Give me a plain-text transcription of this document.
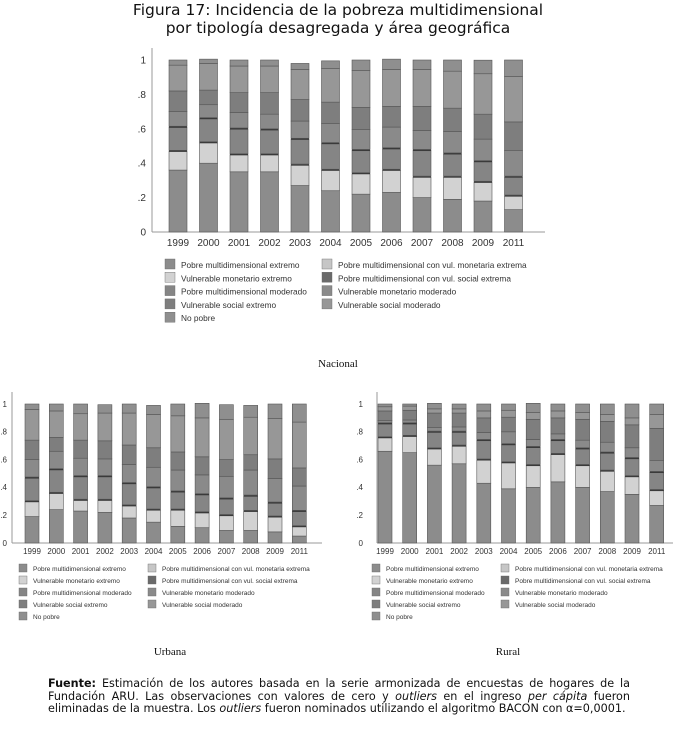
Figura 17: Incidencia de la pobreza multidimensional
por tipología desagregada y área geográfica
0
.2
.4
.6
.8
1
1999 2000 2001 2002 2003 2004 2005 2006 2007 2008 2009 2011
Pobre multidimensional extremo
Vulnerable monetario extremo
Pobre multidimensional moderado
Vulnerable social extremo
No pobre
Pobre multidimensional con vul. monetaria extrema
Pobre multidimensional con vul. social extrema
Vulnerable monetario moderado
Vulnerable social moderado
0
.2
.4
.6
.8
1
1999 2000 2001 2002 2003 2004 2005 2006 2007 2008 2009 2011
Pobre multidimensional extremo
Vulnerable monetario extremo
Pobre multidimensional moderado
Vulnerable social extremo
No pobre
Pobre multidimensional con vul. monetaria extrema
Pobre multidimensional con vul. social extrema
Vulnerable monetario moderado
Vulnerable social moderado
0
.2
.4
.6
.8
1
1999 2000 2001 2002 2003 2004 2005 2006 2007 2008 2009 2011
Pobre multidimensional extremo
Vulnerable monetario extremo
Pobre multidimensional moderado
Vulnerable social extremo
No pobre
Pobre multidimensional con vul. monetaria extrema
Pobre multidimensional con vul. social extrema
Vulnerable monetario moderado
Vulnerable social moderado
Nacional
Urbana	Rural
Fuente: Estimación de los autores basada en la serie armonizada de encuestas de hogares de la Fundación ARU. Las observaciones con valores de cero y outliers en el ingreso per cápita fueron eliminadas de la muestra. Los outliers fueron nominados utilizando el algoritmo BACON con α=0,0001.
